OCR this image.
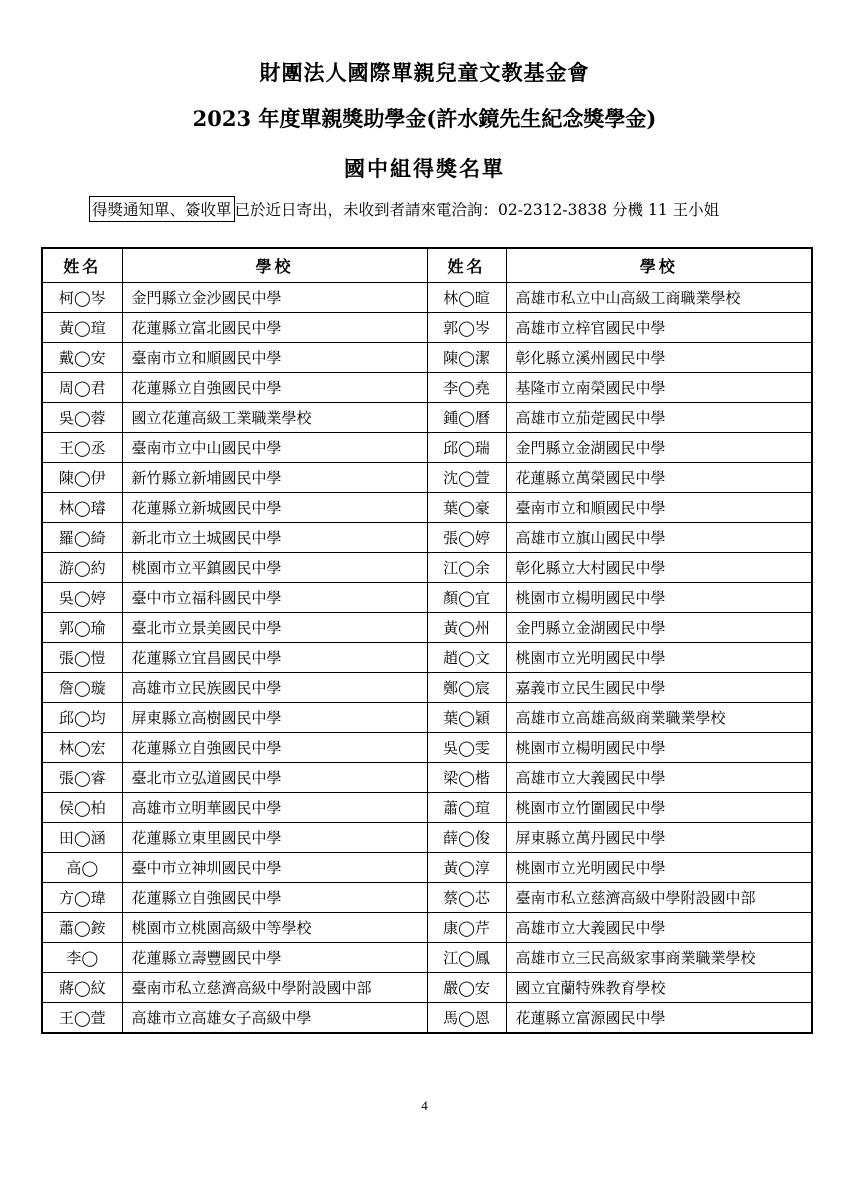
財團法人國際單親兒童文教基金會
2023 年度單親獎助學金(許水鏡先生紀念獎學金)
國中組得獎名單
得獎通知單、簽收單 已於近日寄出，未收到者請來電洽詢：02-2312-3838 分機 11 王小姐
姓名	學校	姓名	學校
柯◯岑	金門縣立金沙國民中學	林◯暄	高雄市私立中山高級工商職業學校
黃◯瑄	花蓮縣立富北國民中學	郭◯岑	高雄市立梓官國民中學
戴◯安	臺南市立和順國民中學	陳◯潔	彰化縣立溪州國民中學
周◯君	花蓮縣立自強國民中學	李◯堯	基隆市立南榮國民中學
吳◯蓉	國立花蓮高級工業職業學校	鍾◯曆	高雄市立茄萣國民中學
王◯丞	臺南市立中山國民中學	邱◯瑞	金門縣立金湖國民中學
陳◯伊	新竹縣立新埔國民中學	沈◯萱	花蓮縣立萬榮國民中學
林◯璿	花蓮縣立新城國民中學	葉◯豪	臺南市立和順國民中學
羅◯綺	新北市立土城國民中學	張◯婷	高雄市立旗山國民中學
游◯約	桃園市立平鎮國民中學	江◯余	彰化縣立大村國民中學
吳◯婷	臺中市立福科國民中學	顏◯宜	桃園市立楊明國民中學
郭◯瑜	臺北市立景美國民中學	黃◯州	金門縣立金湖國民中學
張◯愷	花蓮縣立宜昌國民中學	趙◯文	桃園市立光明國民中學
詹◯璇	高雄市立民族國民中學	鄭◯宸	嘉義市立民生國民中學
邱◯均	屏東縣立高樹國民中學	葉◯穎	高雄市立高雄高級商業職業學校
林◯宏	花蓮縣立自強國民中學	吳◯雯	桃園市立楊明國民中學
張◯睿	臺北市立弘道國民中學	梁◯楷	高雄市立大義國民中學
侯◯柏	高雄市立明華國民中學	蕭◯瑄	桃園市立竹圍國民中學
田◯涵	花蓮縣立東里國民中學	薛◯俊	屏東縣立萬丹國民中學
高◯	臺中市立神圳國民中學	黃◯淳	桃園市立光明國民中學
方◯瑋	花蓮縣立自強國民中學	蔡◯芯	臺南市私立慈濟高級中學附設國中部
蕭◯銨	桃園市立桃園高級中等學校	康◯芹	高雄市立大義國民中學
李◯	花蓮縣立壽豐國民中學	江◯鳳	高雄市立三民高級家事商業職業學校
蔣◯紋	臺南市私立慈濟高級中學附設國中部	嚴◯安	國立宜蘭特殊教育學校
王◯萱	高雄市立高雄女子高級中學	馬◯恩	花蓮縣立富源國民中學
4
